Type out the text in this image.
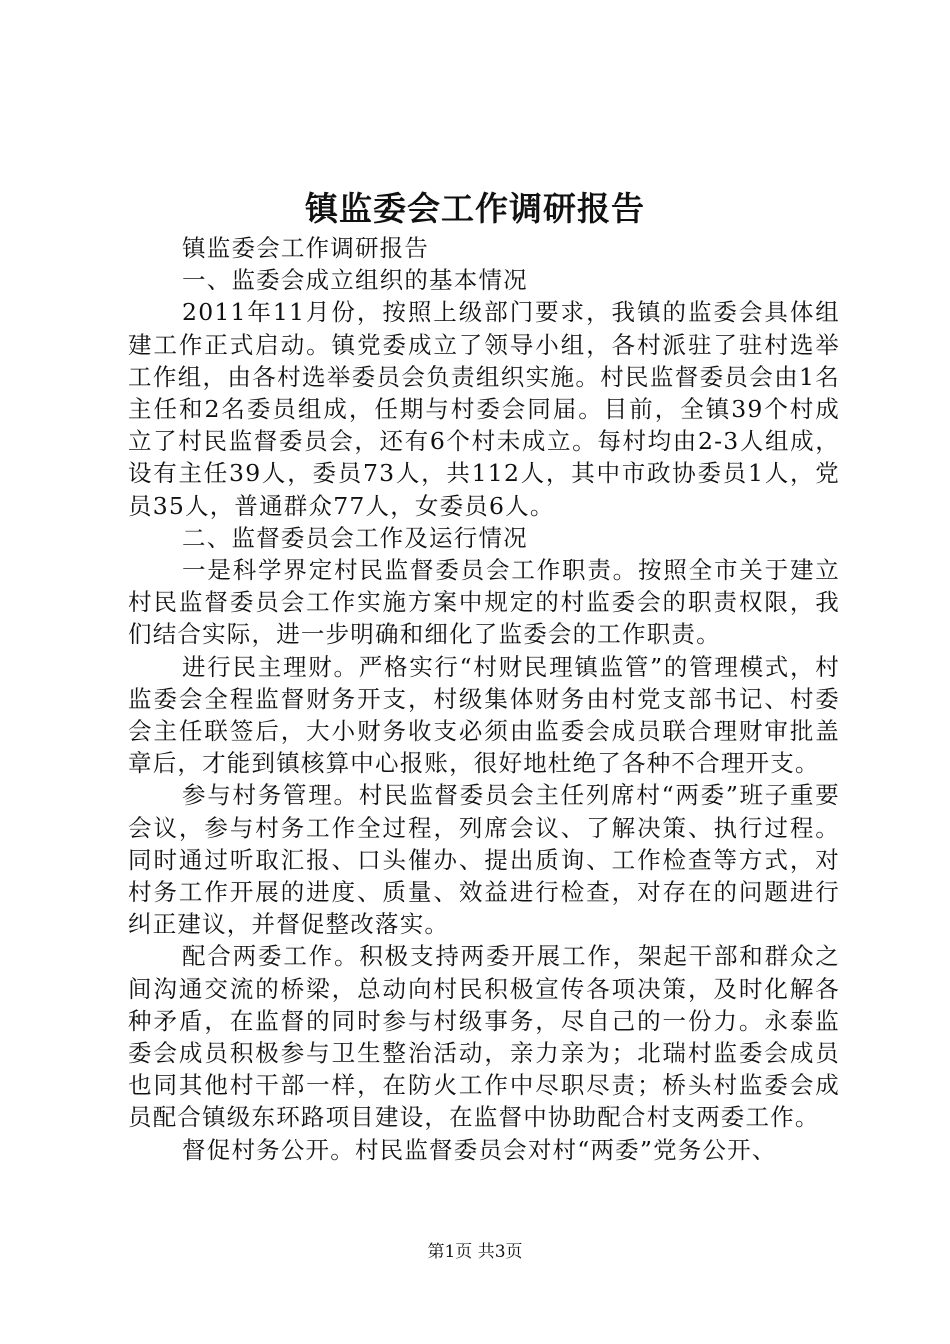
镇监委会工作调研报告

镇监委会工作调研报告

一、监委会成立组织的基本情况

2011年11月份，按照上级部门要求，我镇的监委会具体组建工作正式启动。镇党委成立了领导小组，各村派驻了驻村选举工作组，由各村选举委员会负责组织实施。村民监督委员会由1名主任和2名委员组成，任期与村委会同届。目前，全镇39个村成立了村民监督委员会，还有6个村未成立。每村均由2-3人组成，设有主任39人，委员73人，共112人，其中市政协委员1人，党员35人，普通群众77人，女委员6人。

二、监督委员会工作及运行情况

一是科学界定村民监督委员会工作职责。按照全市关于建立村民监督委员会工作实施方案中规定的村监委会的职责权限，我们结合实际，进一步明确和细化了监委会的工作职责。

进行民主理财。严格实行“村财民理镇监管”的管理模式，村监委会全程监督财务开支，村级集体财务由村党支部书记、村委会主任联签后，大小财务收支必须由监委会成员联合理财审批盖章后，才能到镇核算中心报账，很好地杜绝了各种不合理开支。

参与村务管理。村民监督委员会主任列席村“两委”班子重要会议，参与村务工作全过程，列席会议、了解决策、执行过程。同时通过听取汇报、口头催办、提出质询、工作检查等方式，对村务工作开展的进度、质量、效益进行检查，对存在的问题进行纠正建议，并督促整改落实。

配合两委工作。积极支持两委开展工作，架起干部和群众之间沟通交流的桥梁，总动向村民积极宣传各项决策，及时化解各种矛盾，在监督的同时参与村级事务，尽自己的一份力。永泰监委会成员积极参与卫生整治活动，亲力亲为；北瑞村监委会成员也同其他村干部一样，在防火工作中尽职尽责；桥头村监委会成员配合镇级东环路项目建设，在监督中协助配合村支两委工作。

督促村务公开。村民监督委员会对村“两委”党务公开、

第1页 共3页
